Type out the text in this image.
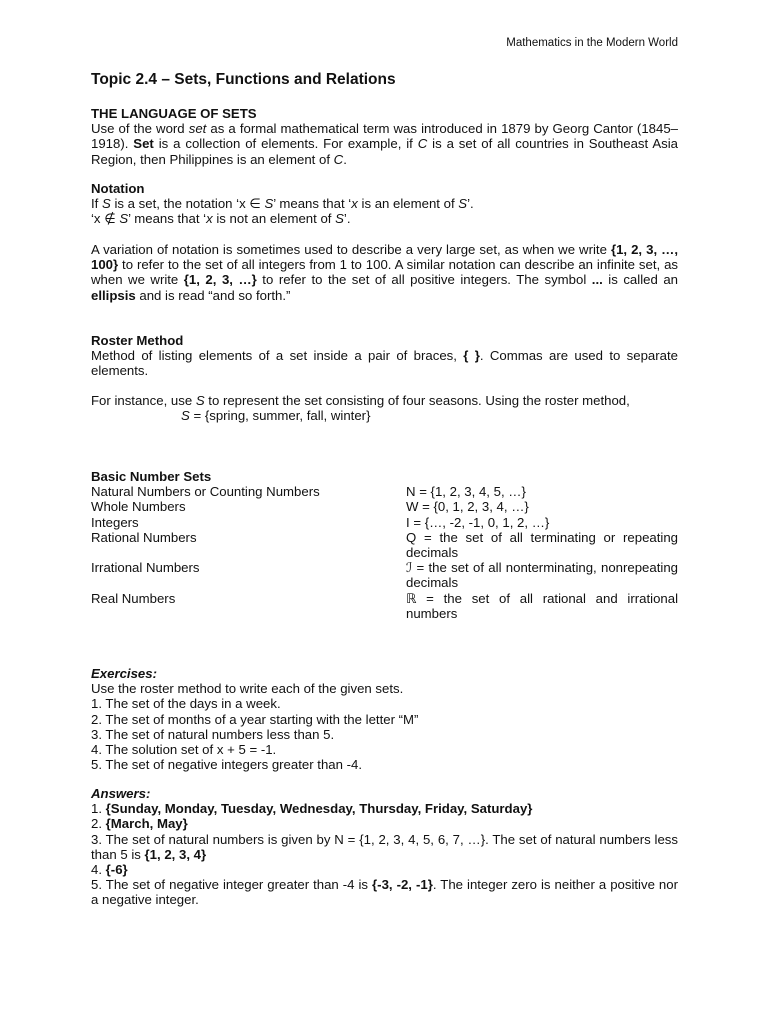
Mathematics in the Modern World
Topic 2.4 – Sets, Functions and Relations

THE LANGUAGE OF SETS

Use of the word set as a formal mathematical term was introduced in 1879 by Georg Cantor (1845–1918). Set is a collection of elements. For example, if C is a set of all countries in Southeast Asia Region, then Philippines is an element of C.

Notation

If S is a set, the notation ‘x ∈ S’ means that ‘x is an element of S’.

‘x ∉ S’ means that ‘x is not an element of S’.

A variation of notation is sometimes used to describe a very large set, as when we write {1, 2, 3, …, 100} to refer to the set of all integers from 1 to 100. A similar notation can describe an infinite set, as when we write {1, 2, 3, …} to refer to the set of all positive integers. The symbol ... is called an ellipsis and is read “and so forth.”

Roster Method

Method of listing elements of a set inside a pair of braces, { }. Commas are used to separate elements.

For instance, use S to represent the set consisting of four seasons. Using the roster method,

S = {spring, summer, fall, winter}

Basic Number Sets

Natural Numbers or Counting Numbers	N = {1, 2, 3, 4, 5, …}
Whole Numbers	W = {0, 1, 2, 3, 4, …}
Integers	I = {…, -2, -1, 0, 1, 2, …}
Rational Numbers	Q = the set of all terminating or repeating decimals
Irrational Numbers	ℐ = the set of all nonterminating, nonrepeating decimals
Real Numbers	ℝ = the set of all rational and irrational numbers

Exercises:

Use the roster method to write each of the given sets.

1. The set of the days in a week.

2. The set of months of a year starting with the letter “M”

3. The set of natural numbers less than 5.

4. The solution set of x + 5 = -1.

5. The set of negative integers greater than -4.

Answers:

1. {Sunday, Monday, Tuesday, Wednesday, Thursday, Friday, Saturday}

2. {March, May}

3. The set of natural numbers is given by N = {1, 2, 3, 4, 5, 6, 7, …}. The set of natural numbers less than 5 is {1, 2, 3, 4}

4. {-6}

5. The set of negative integer greater than -4 is {-3, -2, -1}. The integer zero is neither a positive nor a negative integer.
